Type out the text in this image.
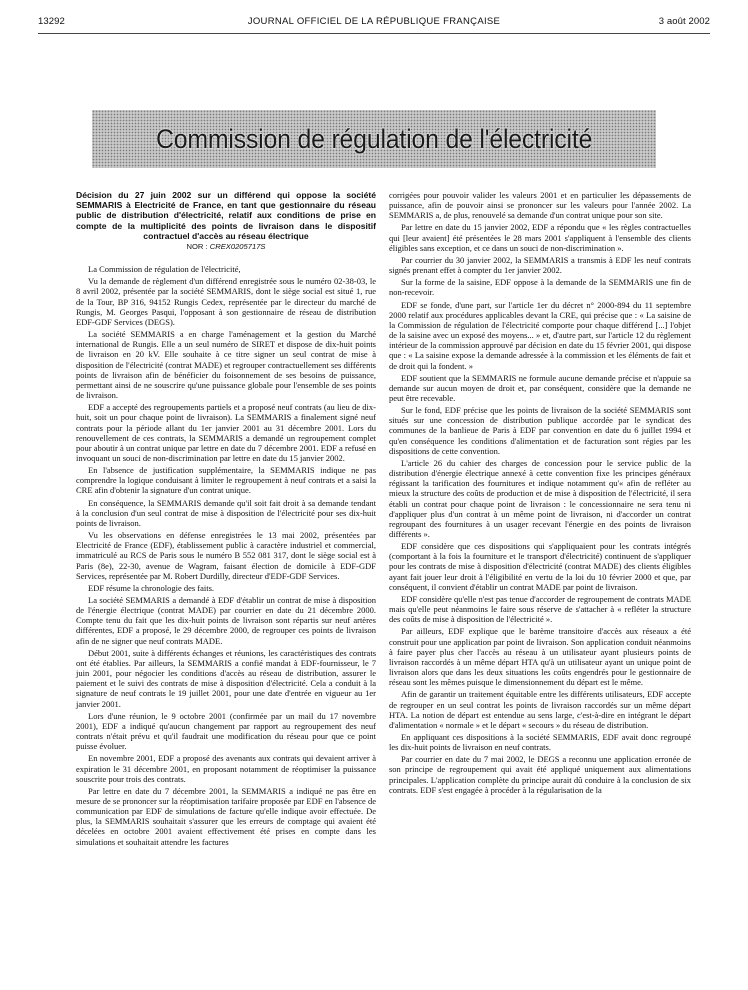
13292	JOURNAL OFFICIEL DE LA RÉPUBLIQUE FRANÇAISE	3 août 2002
Commission de régulation de l'électricité
Décision du 27 juin 2002 sur un différend qui oppose la société SEMMARIS à Electricité de France, en tant que gestionnaire du réseau public de distribution d'électricité, relatif aux conditions de prise en compte de la multiplicité des points de livraison dans le dispositif contractuel d'accès au réseau électrique
NOR : CREX0205717S

La Commission de régulation de l'électricité,

Vu la demande de règlement d'un différend enregistrée sous le numéro 02-38-03, le 8 avril 2002, présentée par la société SEMMARIS, dont le siège social est situé 1, rue de la Tour, BP 316, 94152 Rungis Cedex, représentée par le directeur du marché de Rungis, M. Georges Pasqui, l'opposant à son gestionnaire de réseau de distribution EDF-GDF Services (DEGS).

La société SEMMARIS a en charge l'aménagement et la gestion du Marché international de Rungis. Elle a un seul numéro de SIRET et dispose de dix-huit points de livraison en 20 kV. Elle souhaite à ce titre signer un seul contrat de mise à disposition de l'électricité (contrat MADE) et regrouper contractuellement ses différents points de livraison afin de bénéficier du foisonnement de ses besoins de puissance, permettant ainsi de ne souscrire qu'une puissance globale pour l'ensemble de ses points de livraison.

EDF a accepté des regroupements partiels et a proposé neuf contrats (au lieu de dix-huit, soit un pour chaque point de livraison). La SEMMARIS a finalement signé neuf contrats pour la période allant du 1er janvier 2001 au 31 décembre 2001. Lors du renouvellement de ces contrats, la SEMMARIS a demandé un regroupement complet pour aboutir à un contrat unique par lettre en date du 7 décembre 2001. EDF a refusé en invoquant un souci de non-discrimination par lettre en date du 15 janvier 2002.

En l'absence de justification supplémentaire, la SEMMARIS indique ne pas comprendre la logique conduisant à limiter le regroupement à neuf contrats et a saisi la CRE afin d'obtenir la signature d'un contrat unique.

En conséquence, la SEMMARIS demande qu'il soit fait droit à sa demande tendant à la conclusion d'un seul contrat de mise à disposition de l'électricité pour ses dix-huit points de livraison.

Vu les observations en défense enregistrées le 13 mai 2002, présentées par Electricité de France (EDF), établissement public à caractère industriel et commercial, immatriculé au RCS de Paris sous le numéro B 552 081 317, dont le siège social est à Paris (8e), 22-30, avenue de Wagram, faisant élection de domicile à EDF-GDF Services, représentée par M. Robert Durdilly, directeur d'EDF-GDF Services.

EDF résume la chronologie des faits.

La société SEMMARIS a demandé à EDF d'établir un contrat de mise à disposition de l'énergie électrique (contrat MADE) par courrier en date du 21 décembre 2000. Compte tenu du fait que les dix-huit points de livraison sont répartis sur neuf artères différentes, EDF a proposé, le 29 décembre 2000, de regrouper ces points de livraison afin de ne signer que neuf contrats MADE.

Début 2001, suite à différents échanges et réunions, les caractéristiques des contrats ont été établies. Par ailleurs, la SEMMARIS a confié mandat à EDF-fournisseur, le 7 juin 2001, pour négocier les conditions d'accès au réseau de distribution, assurer le paiement et le suivi des contrats de mise à disposition d'électricité. Cela a conduit à la signature de neuf contrats le 19 juillet 2001, pour une date d'entrée en vigueur au 1er janvier 2001.

Lors d'une réunion, le 9 octobre 2001 (confirmée par un mail du 17 novembre 2001), EDF a indiqué qu'aucun changement par rapport au regroupement des neuf contrats n'était prévu et qu'il faudrait une modification du réseau pour que ce point puisse évoluer.

En novembre 2001, EDF a proposé des avenants aux contrats qui devaient arriver à expiration le 31 décembre 2001, en proposant notamment de réoptimiser la puissance souscrite pour trois des contrats.

Par lettre en date du 7 décembre 2001, la SEMMARIS a indiqué ne pas être en mesure de se prononcer sur la réoptimisation tarifaire proposée par EDF en l'absence de communication par EDF de simulations de facture qu'elle indique avoir effectuée. De plus, la SEMMARIS souhaitait s'assurer que les erreurs de comptage qui avaient été décelées en octobre 2001 avaient effectivement été prises en compte dans les simulations et souhaitait attendre les factures

corrigées pour pouvoir valider les valeurs 2001 et en particulier les dépassements de puissance, afin de pouvoir ainsi se prononcer sur les valeurs pour l'année 2002. La SEMMARIS a, de plus, renouvelé sa demande d'un contrat unique pour son site.

Par lettre en date du 15 janvier 2002, EDF a répondu que « les règles contractuelles qui [leur avaient] été présentées le 28 mars 2001 s'appliquent à l'ensemble des clients éligibles sans exception, et ce dans un souci de non-discrimination ».

Par courrier du 30 janvier 2002, la SEMMARIS a transmis à EDF les neuf contrats signés prenant effet à compter du 1er janvier 2002.

Sur la forme de la saisine, EDF oppose à la demande de la SEMMARIS une fin de non-recevoir.

EDF se fonde, d'une part, sur l'article 1er du décret n° 2000-894 du 11 septembre 2000 relatif aux procédures applicables devant la CRE, qui précise que : « La saisine de la Commission de régulation de l'électricité comporte pour chaque différend [...] l'objet de la saisine avec un exposé des moyens... » et, d'autre part, sur l'article 12 du règlement intérieur de la commission approuvé par décision en date du 15 février 2001, qui dispose que : « La saisine expose la demande adressée à la commission et les éléments de fait et de droit qui la fondent. »

EDF soutient que la SEMMARIS ne formule aucune demande précise et n'appuie sa demande sur aucun moyen de droit et, par conséquent, considère que la demande ne peut être recevable.

Sur le fond, EDF précise que les points de livraison de la société SEMMARIS sont situés sur une concession de distribution publique accordée par le syndicat des communes de la banlieue de Paris à EDF par convention en date du 6 juillet 1994 et qu'en conséquence les conditions d'alimentation et de facturation sont régies par les dispositions de cette convention.

L'article 26 du cahier des charges de concession pour le service public de la distribution d'énergie électrique annexé à cette convention fixe les principes généraux régissant la tarification des fournitures et indique notamment qu'« afin de refléter au mieux la structure des coûts de production et de mise à disposition de l'électricité, il sera établi un contrat pour chaque point de livraison : le concessionnaire ne sera tenu ni d'appliquer plus d'un contrat à un même point de livraison, ni d'accorder un contrat regroupant des fournitures à un usager recevant l'énergie en des points de livraison différents ».

EDF considère que ces dispositions qui s'appliquaient pour les contrats intégrés (comportant à la fois la fourniture et le transport d'électricité) continuent de s'appliquer pour les contrats de mise à disposition d'électricité (contrat MADE) des clients éligibles ayant fait jouer leur droit à l'éligibilité en vertu de la loi du 10 février 2000 et que, par conséquent, il convient d'établir un contrat MADE par point de livraison.

EDF considère qu'elle n'est pas tenue d'accorder de regroupement de contrats MADE mais qu'elle peut néanmoins le faire sous réserve de s'attacher à « refléter la structure des coûts de mise à disposition de l'électricité ».

Par ailleurs, EDF explique que le barème transitoire d'accès aux réseaux a été construit pour une application par point de livraison. Son application conduit néanmoins à faire payer plus cher l'accès au réseau à un utilisateur ayant plusieurs points de livraison raccordés à un même départ HTA qu'à un utilisateur ayant un unique point de livraison alors que dans les deux situations les coûts engendrés pour le gestionnaire de réseau sont les mêmes puisque le dimensionnement du départ est le même.

Afin de garantir un traitement équitable entre les différents utilisateurs, EDF accepte de regrouper en un seul contrat les points de livraison raccordés sur un même départ HTA. La notion de départ est entendue au sens large, c'est-à-dire en intégrant le départ d'alimentation « normale » et le départ « secours » du réseau de distribution.

En appliquant ces dispositions à la société SEMMARIS, EDF avait donc regroupé les dix-huit points de livraison en neuf contrats.

Par courrier en date du 7 mai 2002, le DEGS a reconnu une application erronée de son principe de regroupement qui avait été appliqué uniquement aux alimentations principales. L'application complète du principe aurait dû conduire à la conclusion de six contrats. EDF s'est engagée à procéder à la régularisation de la
